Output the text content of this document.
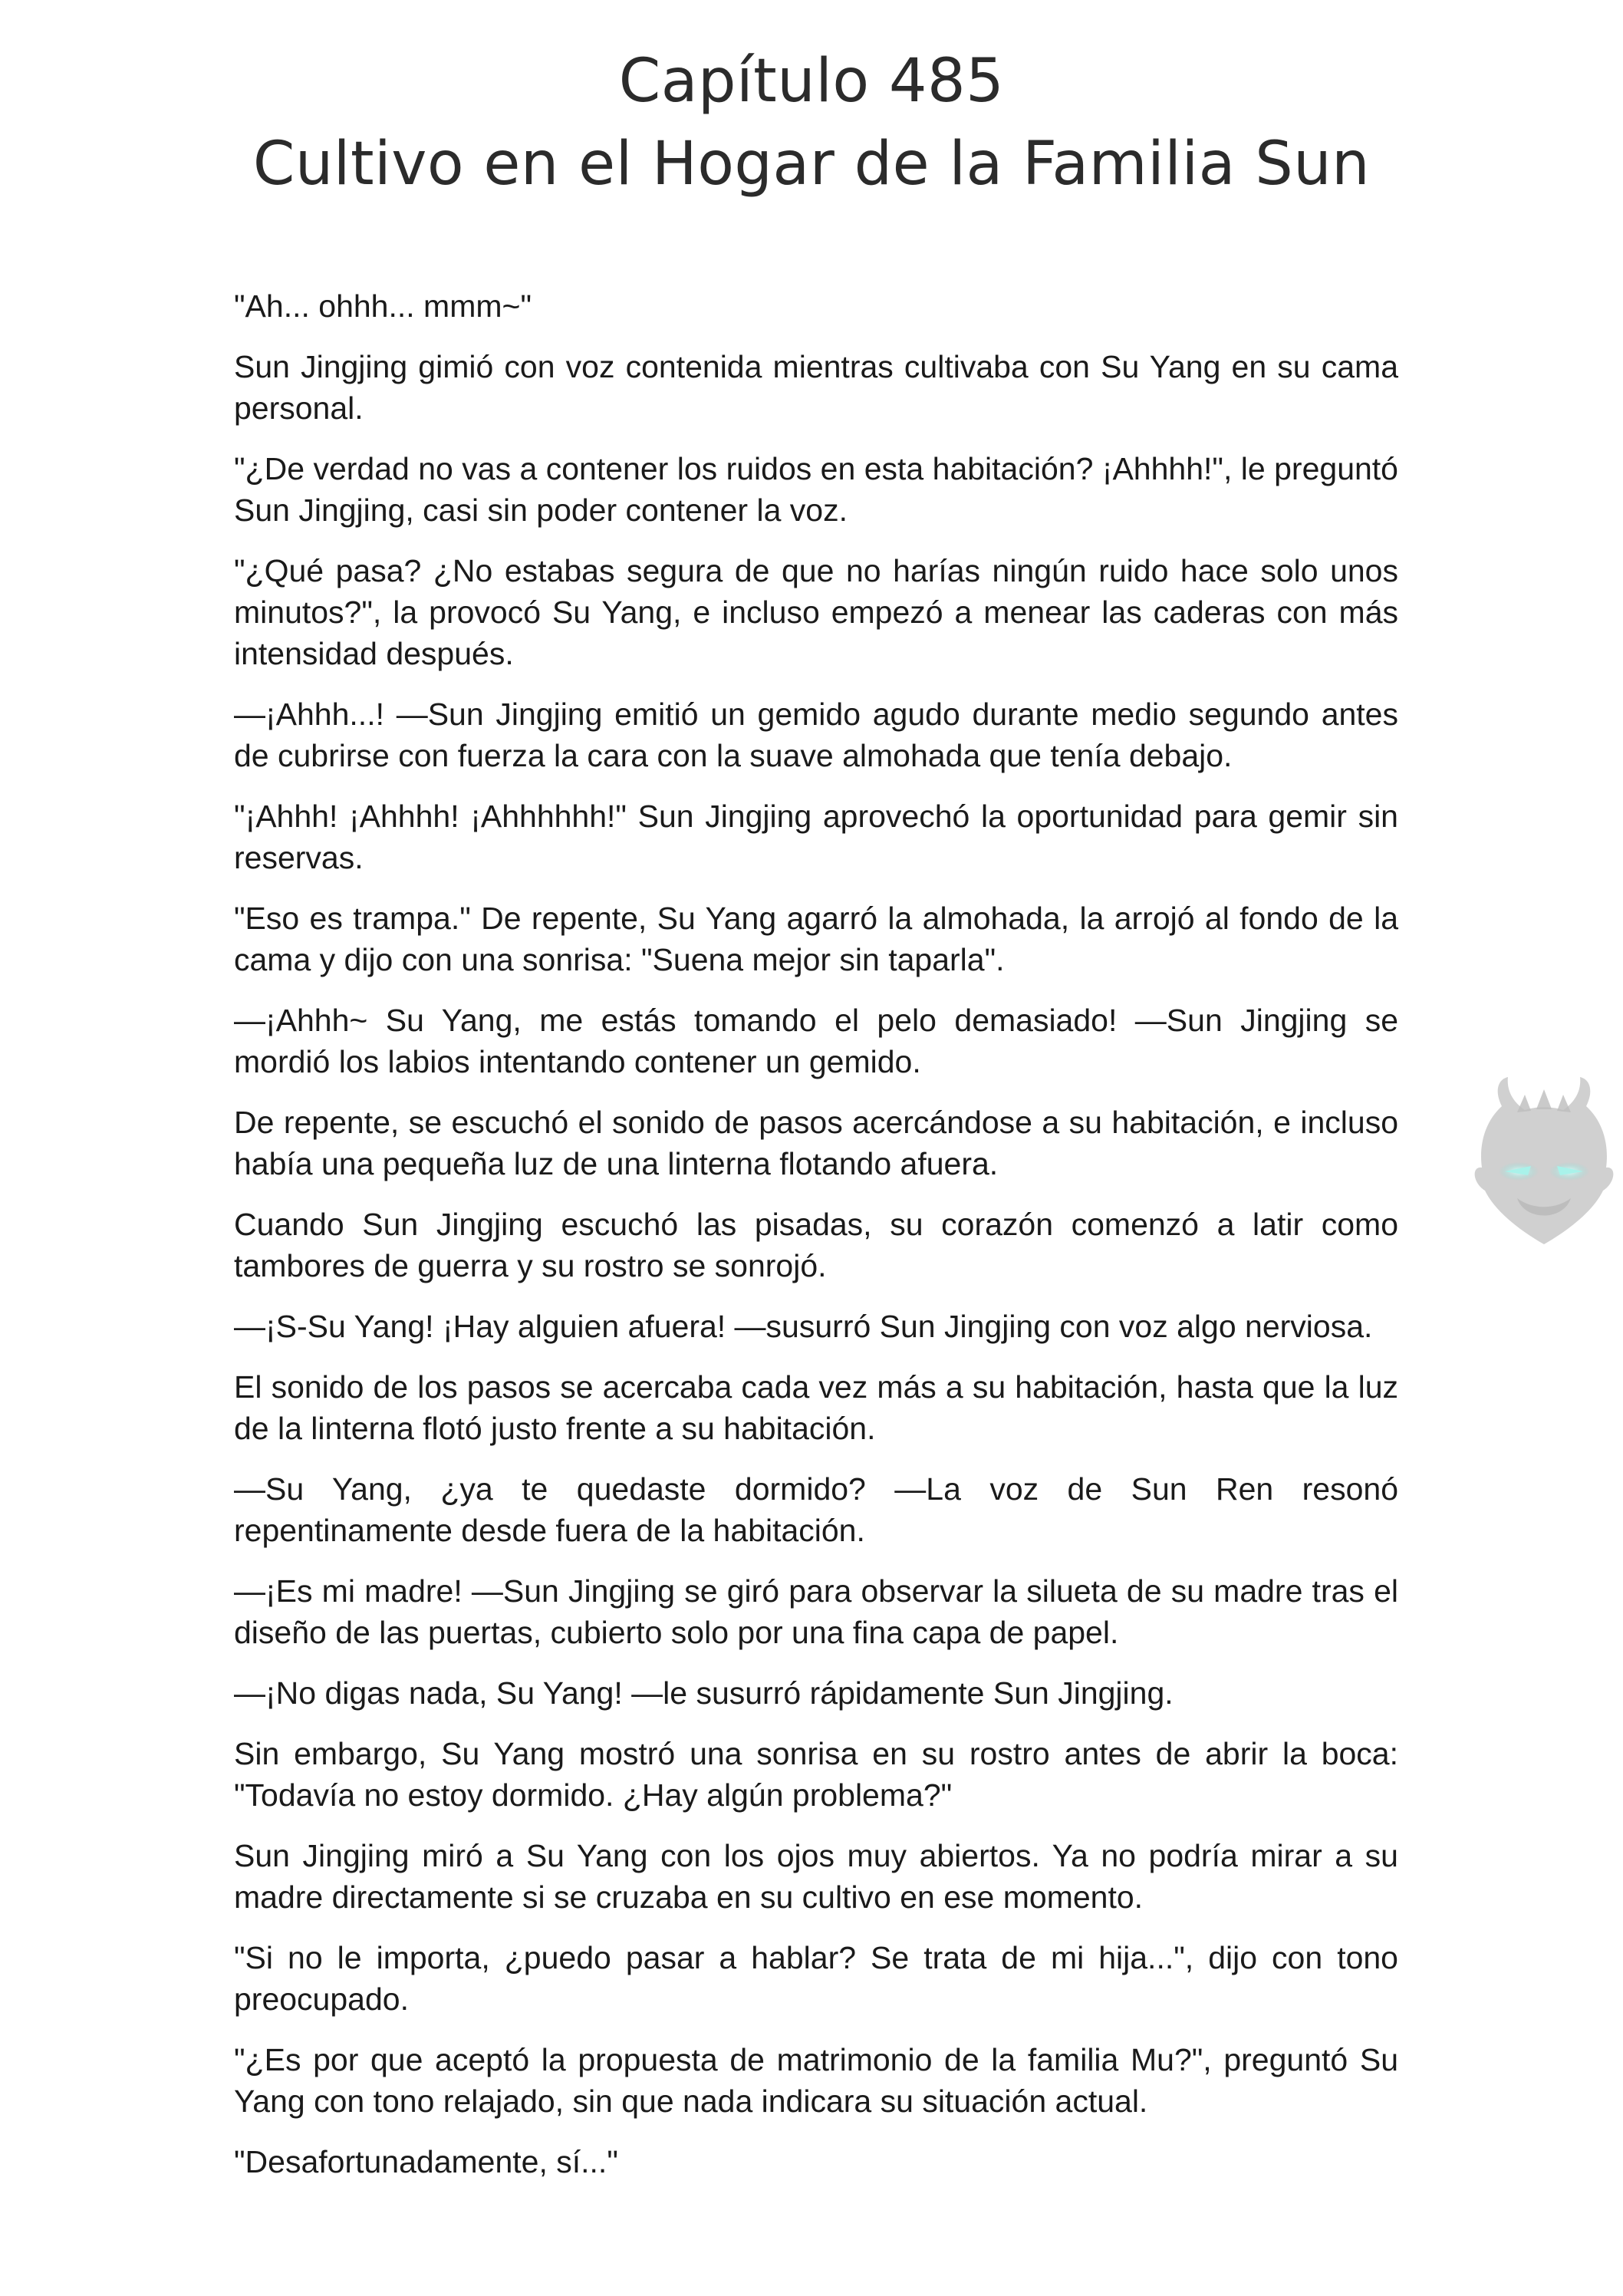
Capítulo 485
Cultivo en el Hogar de la Familia Sun

"Ah... ohhh... mmm~"

Sun Jingjing gimió con voz contenida mientras cultivaba con Su Yang en su cama personal.

"¿De verdad no vas a contener los ruidos en esta habitación? ¡Ahhhh!", le preguntó Sun Jingjing, casi sin poder contener la voz.

"¿Qué pasa? ¿No estabas segura de que no harías ningún ruido hace solo unos minutos?", la provocó Su Yang, e incluso empezó a menear las caderas con más intensidad después.

—¡Ahhh...! —Sun Jingjing emitió un gemido agudo durante medio segundo antes de cubrirse con fuerza la cara con la suave almohada que tenía debajo.

"¡Ahhh! ¡Ahhhh! ¡Ahhhhhh!" Sun Jingjing aprovechó la oportunidad para gemir sin reservas.

"Eso es trampa." De repente, Su Yang agarró la almohada, la arrojó al fondo de la cama y dijo con una sonrisa: "Suena mejor sin taparla".

—¡Ahhh~ Su Yang, me estás tomando el pelo demasiado! —Sun Jingjing se mordió los labios intentando contener un gemido.

De repente, se escuchó el sonido de pasos acercándose a su habitación, e incluso había una pequeña luz de una linterna flotando afuera.

Cuando Sun Jingjing escuchó las pisadas, su corazón comenzó a latir como tambores de guerra y su rostro se sonrojó.

—¡S-Su Yang! ¡Hay alguien afuera! —susurró Sun Jingjing con voz algo nerviosa.

El sonido de los pasos se acercaba cada vez más a su habitación, hasta que la luz de la linterna flotó justo frente a su habitación.

—Su Yang, ¿ya te quedaste dormido? —La voz de Sun Ren resonó repentinamente desde fuera de la habitación.

—¡Es mi madre! —Sun Jingjing se giró para observar la silueta de su madre tras el diseño de las puertas, cubierto solo por una fina capa de papel.

—¡No digas nada, Su Yang! —le susurró rápidamente Sun Jingjing.

Sin embargo, Su Yang mostró una sonrisa en su rostro antes de abrir la boca: "Todavía no estoy dormido. ¿Hay algún problema?"

Sun Jingjing miró a Su Yang con los ojos muy abiertos. Ya no podría mirar a su madre directamente si se cruzaba en su cultivo en ese momento.

"Si no le importa, ¿puedo pasar a hablar? Se trata de mi hija...", dijo con tono preocupado.

"¿Es por que aceptó la propuesta de matrimonio de la familia Mu?", preguntó Su Yang con tono relajado, sin que nada indicara su situación actual.

"Desafortunadamente, sí..."
